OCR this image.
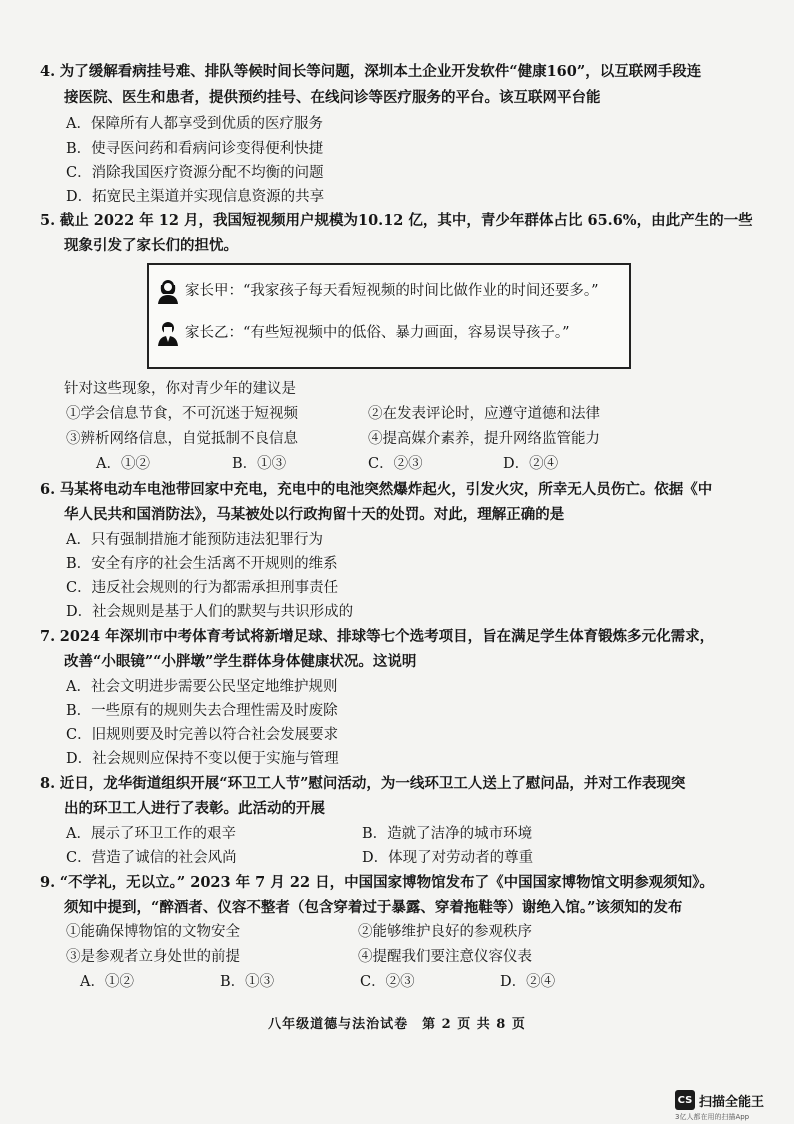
4. 为了缓解看病挂号难、排队等候时间长等问题，深圳本土企业开发软件“健康160”，以互联网手段连
接医院、医生和患者，提供预约挂号、在线问诊等医疗服务的平台。该互联网平台能
A．保障所有人都享受到优质的医疗服务
B．使寻医问药和看病问诊变得便利快捷
C．消除我国医疗资源分配不均衡的问题
D．拓宽民主渠道并实现信息资源的共享
5. 截止 2022 年 12 月，我国短视频用户规模为10.12 亿，其中，青少年群体占比 65.6%，由此产生的一些
现象引发了家长们的担忧。
家长甲：“我家孩子每天看短视频的时间比做作业的时间还要多。”
家长乙：“有些短视频中的低俗、暴力画面，容易误导孩子。”
针对这些现象，你对青少年的建议是
①学会信息节食，不可沉迷于短视频	②在发表评论时，应遵守道德和法律
③辨析网络信息，自觉抵制不良信息	④提高媒介素养，提升网络监管能力
A．①②	B．①③	C．②③	D．②④
6. 马某将电动车电池带回家中充电，充电中的电池突然爆炸起火，引发火灾，所幸无人员伤亡。依据《中
华人民共和国消防法》，马某被处以行政拘留十天的处罚。对此，理解正确的是
A．只有强制措施才能预防违法犯罪行为
B．安全有序的社会生活离不开规则的维系
C．违反社会规则的行为都需承担刑事责任
D．社会规则是基于人们的默契与共识形成的
7. 2024 年深圳市中考体育考试将新增足球、排球等七个选考项目，旨在满足学生体育锻炼多元化需求，
改善“小眼镜”“小胖墩”学生群体身体健康状况。这说明
A．社会文明进步需要公民坚定地维护规则
B．一些原有的规则失去合理性需及时废除
C．旧规则要及时完善以符合社会发展要求
D．社会规则应保持不变以便于实施与管理
8. 近日，龙华街道组织开展“环卫工人节”慰问活动，为一线环卫工人送上了慰问品，并对工作表现突
出的环卫工人进行了表彰。此活动的开展
A．展示了环卫工作的艰辛	B．造就了洁净的城市环境
C．营造了诚信的社会风尚	D．体现了对劳动者的尊重
9. “不学礼，无以立。” 2023 年 7 月 22 日，中国国家博物馆发布了《中国国家博物馆文明参观须知》。
须知中提到，“醉酒者、仪容不整者（包含穿着过于暴露、穿着拖鞋等）谢绝入馆。”该须知的发布
①能确保博物馆的文物安全	②能够维护良好的参观秩序
③是参观者立身处世的前提	④提醒我们要注意仪容仪表
A．①②	B．①③	C．②③	D．②④
八年级道德与法治试卷　第 2 页 共 8 页
CS 扫描全能王
3亿人都在用的扫描App
